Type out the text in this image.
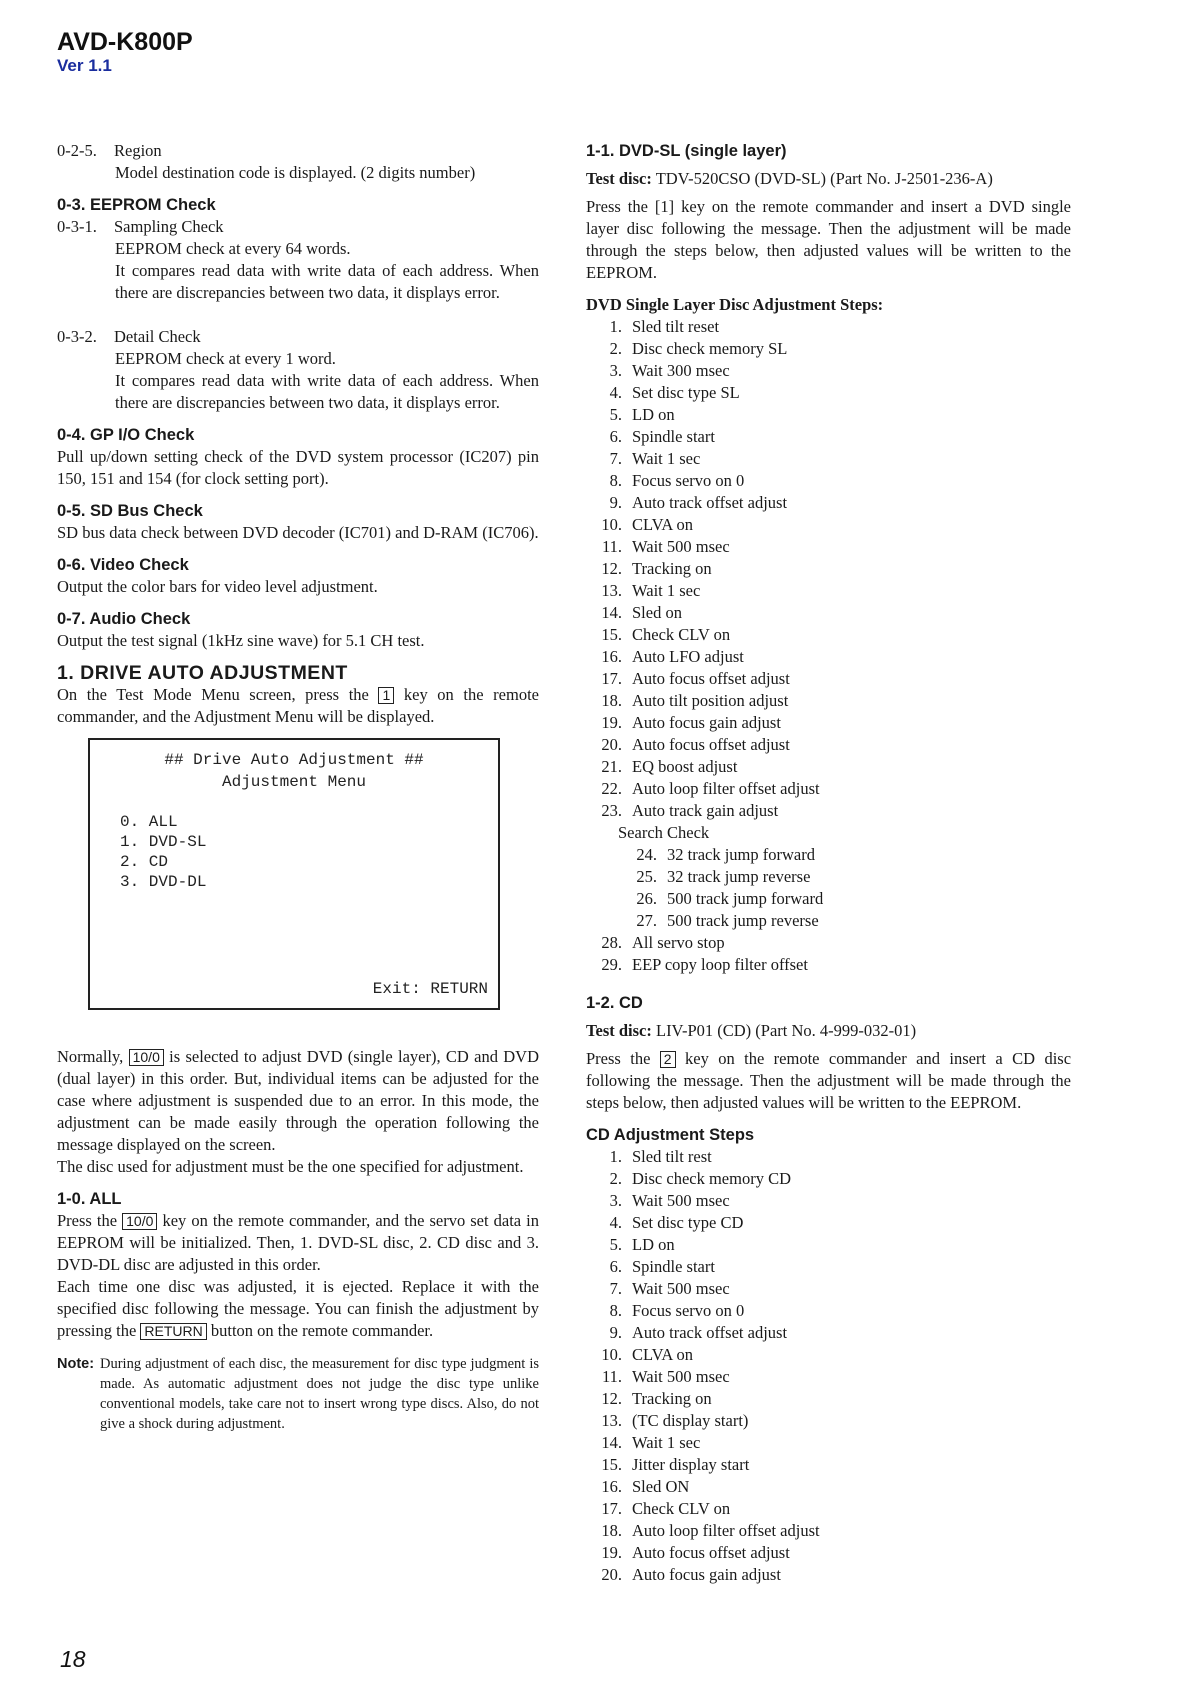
AVD-K800P
Ver 1.1
0-2-5.	Region

Model destination code is displayed. (2 digits number)

0-3. EEPROM Check
0-3-1.	Sampling Check

EEPROM check at every 64 words.

It compares read data with write data of each address. When there are discrepancies between two data, it displays error.

0-3-2.	Detail Check

EEPROM check at every 1 word.

It compares read data with write data of each address. When there are discrepancies between two data, it displays error.

0-4. GP I/O Check

Pull up/down setting check of the DVD system processor (IC207) pin 150, 151 and 154 (for clock setting port).

0-5. SD Bus Check

SD bus data check between DVD decoder (IC701) and D-RAM (IC706).

0-6. Video Check

Output the color bars for video level adjustment.

0-7. Audio Check

Output the test signal (1kHz sine wave) for 5.1 CH test.

1. DRIVE AUTO ADJUSTMENT

On the Test Mode Menu screen, press the 1 key on the remote commander, and the Adjustment Menu will be displayed.

## Drive Auto Adjustment ##
Adjustment Menu
0. ALL
1. DVD-SL
2. CD
3. DVD-DL
Exit: RETURN

Normally, 10/0 is selected to adjust DVD (single layer), CD and DVD (dual layer) in this order. But, individual items can be adjusted for the case where adjustment is suspended due to an error. In this mode, the adjustment can be made easily through the operation following the message displayed on the screen.

The disc used for adjustment must be the one specified for adjustment.

1-0. ALL

Press the 10/0 key on the remote commander, and the servo set data in EEPROM will be initialized. Then, 1. DVD-SL disc, 2. CD disc and 3. DVD-DL disc are adjusted in this order.

Each time one disc was adjusted, it is ejected. Replace it with the specified disc following the message. You can finish the adjustment by pressing the RETURN button on the remote commander.

Note: During adjustment of each disc, the measurement for disc type judgment is made. As automatic adjustment does not judge the disc type unlike conventional models, take care not to insert wrong type discs. Also, do not give a shock during adjustment.
1-1. DVD-SL (single layer)

Test disc: TDV-520CSO (DVD-SL) (Part No. J-2501-236-A)

Press the [1] key on the remote commander and insert a DVD single layer disc following the message. Then the adjustment will be made through the steps below, then adjusted values will be written to the EEPROM.

DVD Single Layer Disc Adjustment Steps:

1. Sled tilt reset
2. Disc check memory SL
3. Wait 300 msec
4. Set disc type SL
5. LD on
6. Spindle start
7. Wait 1 sec
8. Focus servo on 0
9. Auto track offset adjust
10. CLVA on
11. Wait 500 msec
12. Tracking on
13. Wait 1 sec
14. Sled on
15. Check CLV on
16. Auto LFO adjust
17. Auto focus offset adjust
18. Auto tilt position adjust
19. Auto focus gain adjust
20. Auto focus offset adjust
21. EQ boost adjust
22. Auto loop filter offset adjust
23. Auto track gain adjust

Search Check

24. 32 track jump forward
25. 32 track jump reverse
26. 500 track jump forward
27. 500 track jump reverse
28. All servo stop
29. EEP copy loop filter offset
1-2. CD

Test disc: LIV-P01 (CD) (Part No. 4-999-032-01)

Press the 2 key on the remote commander and insert a CD disc following the message. Then the adjustment will be made through the steps below, then adjusted values will be written to the EEPROM.

CD Adjustment Steps
1. Sled tilt rest
2. Disc check memory CD
3. Wait 500 msec
4. Set disc type CD
5. LD on
6. Spindle start
7. Wait 500 msec
8. Focus servo on 0
9. Auto track offset adjust
10. CLVA on
11. Wait 500 msec
12. Tracking on
13. (TC display start)
14. Wait 1 sec
15. Jitter display start
16. Sled ON
17. Check CLV on
18. Auto loop filter offset adjust
19. Auto focus offset adjust
20. Auto focus gain adjust
18
